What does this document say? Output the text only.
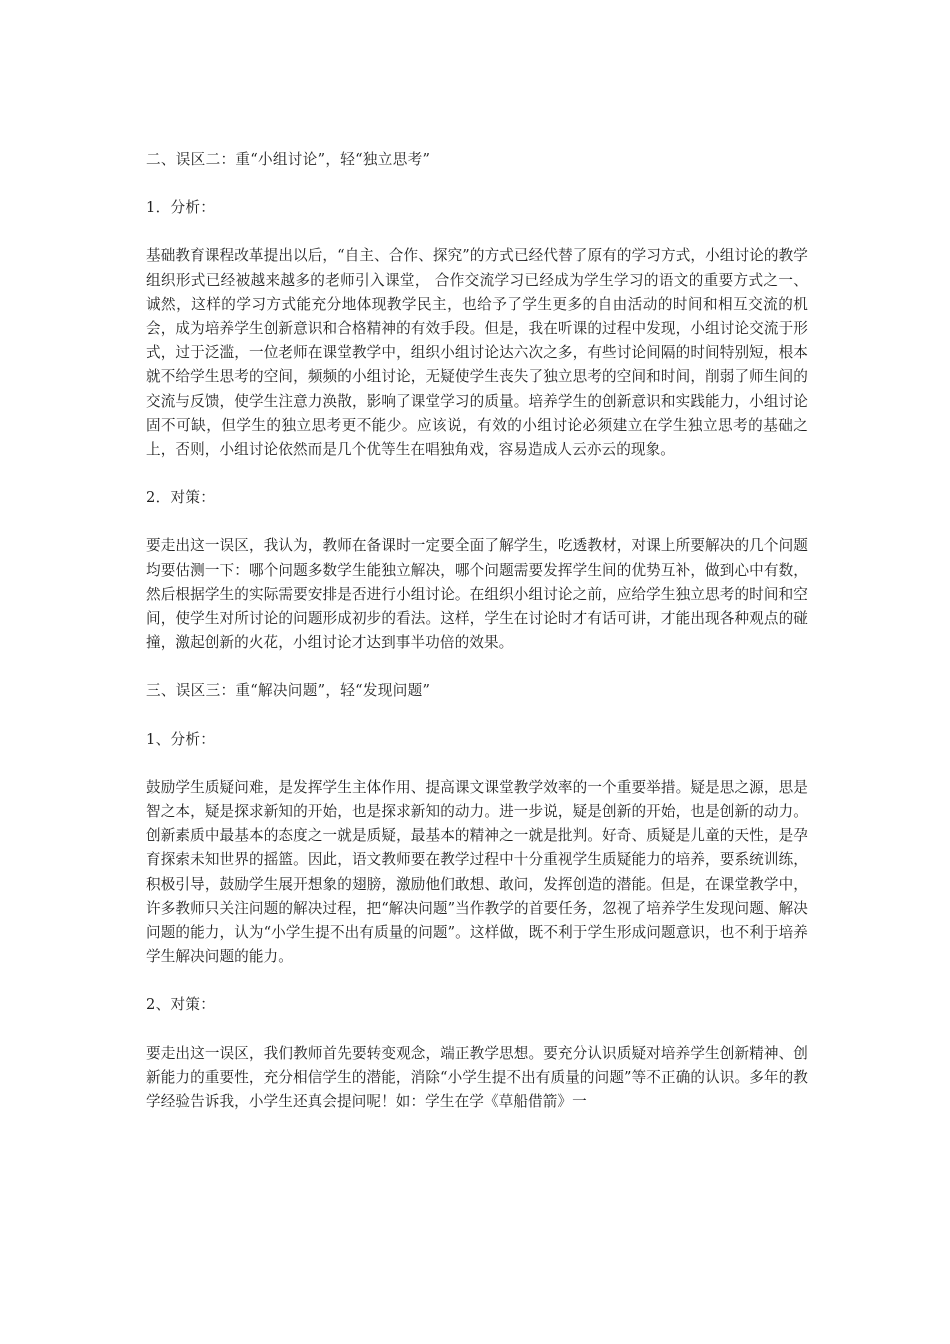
二、误区二：重“小组讨论”，轻“独立思考”

1．分析：

基础教育课程改革提出以后，“自主、合作、探究”的方式已经代替了原有的学习方式，小组讨论的教学组织形式已经被越来越多的老师引入课堂， 合作交流学习已经成为学生学习的语文的重要方式之一、诚然，这样的学习方式能充分地体现教学民主，也给予了学生更多的自由活动的时间和相互交流的机会，成为培养学生创新意识和合格精神的有效手段。但是，我在听课的过程中发现，小组讨论交流于形式，过于泛滥，一位老师在课堂教学中，组织小组讨论达六次之多，有些讨论间隔的时间特别短，根本就不给学生思考的空间，频频的小组讨论，无疑使学生丧失了独立思考的空间和时间，削弱了师生间的交流与反馈，使学生注意力涣散，影响了课堂学习的质量。培养学生的创新意识和实践能力，小组讨论固不可缺，但学生的独立思考更不能少。应该说，有效的小组讨论必须建立在学生独立思考的基础之上，否则，小组讨论依然而是几个优等生在唱独角戏，容易造成人云亦云的现象。

2．对策：

要走出这一误区，我认为，教师在备课时一定要全面了解学生，吃透教材，对课上所要解决的几个问题均要估测一下：哪个问题多数学生能独立解决，哪个问题需要发挥学生间的优势互补，做到心中有数，然后根据学生的实际需要安排是否进行小组讨论。在组织小组讨论之前，应给学生独立思考的时间和空间，使学生对所讨论的问题形成初步的看法。这样，学生在讨论时才有话可讲，才能出现各种观点的碰撞，激起创新的火花，小组讨论才达到事半功倍的效果。

三、误区三：重“解决问题”，轻“发现问题”

1、分析：

鼓励学生质疑问难，是发挥学生主体作用、提高课文课堂教学效率的一个重要举措。疑是思之源，思是智之本，疑是探求新知的开始，也是探求新知的动力。进一步说，疑是创新的开始，也是创新的动力。创新素质中最基本的态度之一就是质疑，最基本的精神之一就是批判。好奇、质疑是儿童的天性，是孕育探索未知世界的摇篮。因此，语文教师要在教学过程中十分重视学生质疑能力的培养，要系统训练，积极引导，鼓励学生展开想象的翅膀，激励他们敢想、敢问，发挥创造的潜能。但是，在课堂教学中，许多教师只关注问题的解决过程，把“解决问题”当作教学的首要任务，忽视了培养学生发现问题、解决问题的能力，认为“小学生提不出有质量的问题”。这样做，既不利于学生形成问题意识，也不利于培养学生解决问题的能力。

2、对策：

要走出这一误区，我们教师首先要转变观念，端正教学思想。要充分认识质疑对培养学生创新精神、创新能力的重要性，充分相信学生的潜能，消除“小学生提不出有质量的问题”等不正确的认识。多年的教学经验告诉我，小学生还真会提问呢！如：学生在学《草船借箭》一
